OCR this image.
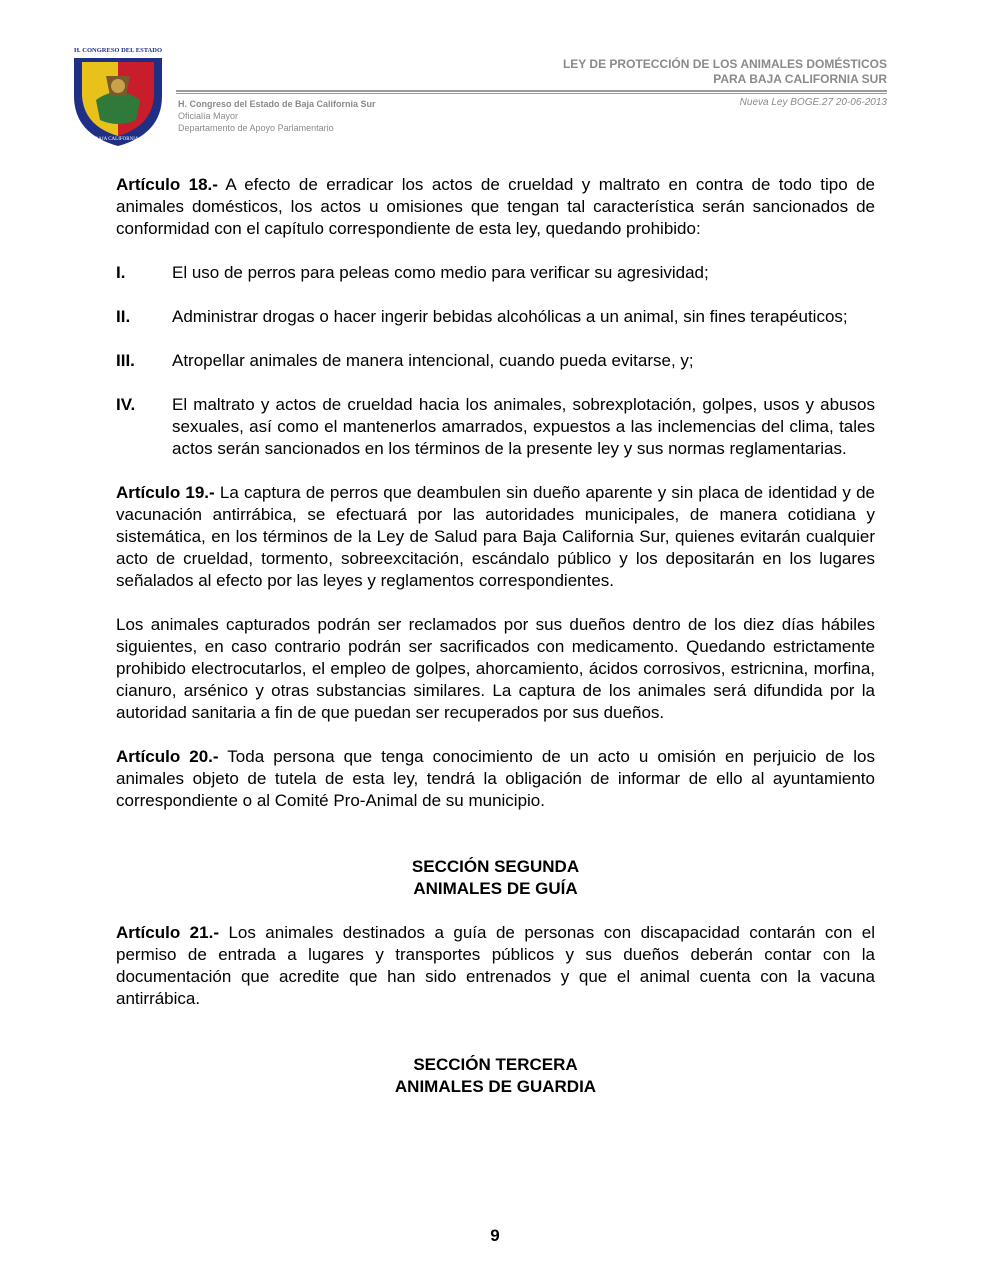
H. CONGRESO DEL ESTADO
DE BAJA CALIFORNIA SUR
LEY DE PROTECCIÓN DE LOS ANIMALES DOMÉSTICOS
PARA BAJA CALIFORNIA SUR
H. Congreso del Estado de Baja California Sur
Oficialía Mayor
Departamento de Apoyo Parlamentario
Nueva Ley BOGE.27 20-06-2013

Artículo 18.- A efecto de erradicar los actos de crueldad y maltrato en contra de todo tipo de animales domésticos, los actos u omisiones que tengan tal característica serán sancionados de conformidad con el capítulo correspondiente de esta ley, quedando prohibido:

I.	El uso de perros para peleas como medio para verificar su agresividad;
II.	Administrar drogas o hacer ingerir bebidas alcohólicas a un animal, sin fines terapéuticos;
III.	Atropellar animales de manera intencional, cuando pueda evitarse, y;
IV.	El maltrato y actos de crueldad hacia los animales, sobrexplotación, golpes, usos y abusos sexuales, así como el mantenerlos amarrados, expuestos a las inclemencias del clima, tales actos serán sancionados en los términos de la presente ley y sus normas reglamentarias.

Artículo 19.- La captura de perros que deambulen sin dueño aparente y sin placa de identidad y de vacunación antirrábica, se efectuará por las autoridades municipales, de manera cotidiana y sistemática, en los términos de la Ley de Salud para Baja California Sur, quienes evitarán cualquier acto de crueldad, tormento, sobreexcitación, escándalo público y los depositarán en los lugares señalados al efecto por las leyes y reglamentos correspondientes.

Los animales capturados podrán ser reclamados por sus dueños dentro de los diez días hábiles siguientes, en caso contrario podrán ser sacrificados con medicamento. Quedando estrictamente prohibido electrocutarlos, el empleo de golpes, ahorcamiento, ácidos corrosivos, estricnina, morfina, cianuro, arsénico y otras substancias similares. La captura de los animales será difundida por la autoridad sanitaria a fin de que puedan ser recuperados por sus dueños.

Artículo 20.- Toda persona que tenga conocimiento de un acto u omisión en perjuicio de los animales objeto de tutela de esta ley, tendrá la obligación de informar de ello al ayuntamiento correspondiente o al Comité Pro-Animal de su municipio.

SECCIÓN SEGUNDA
ANIMALES DE GUÍA

Artículo 21.- Los animales destinados a guía de personas con discapacidad contarán con el permiso de entrada a lugares y transportes públicos y sus dueños deberán contar con la documentación que acredite que han sido entrenados y que el animal cuenta con la vacuna antirrábica.

SECCIÓN TERCERA
ANIMALES DE GUARDIA
9
